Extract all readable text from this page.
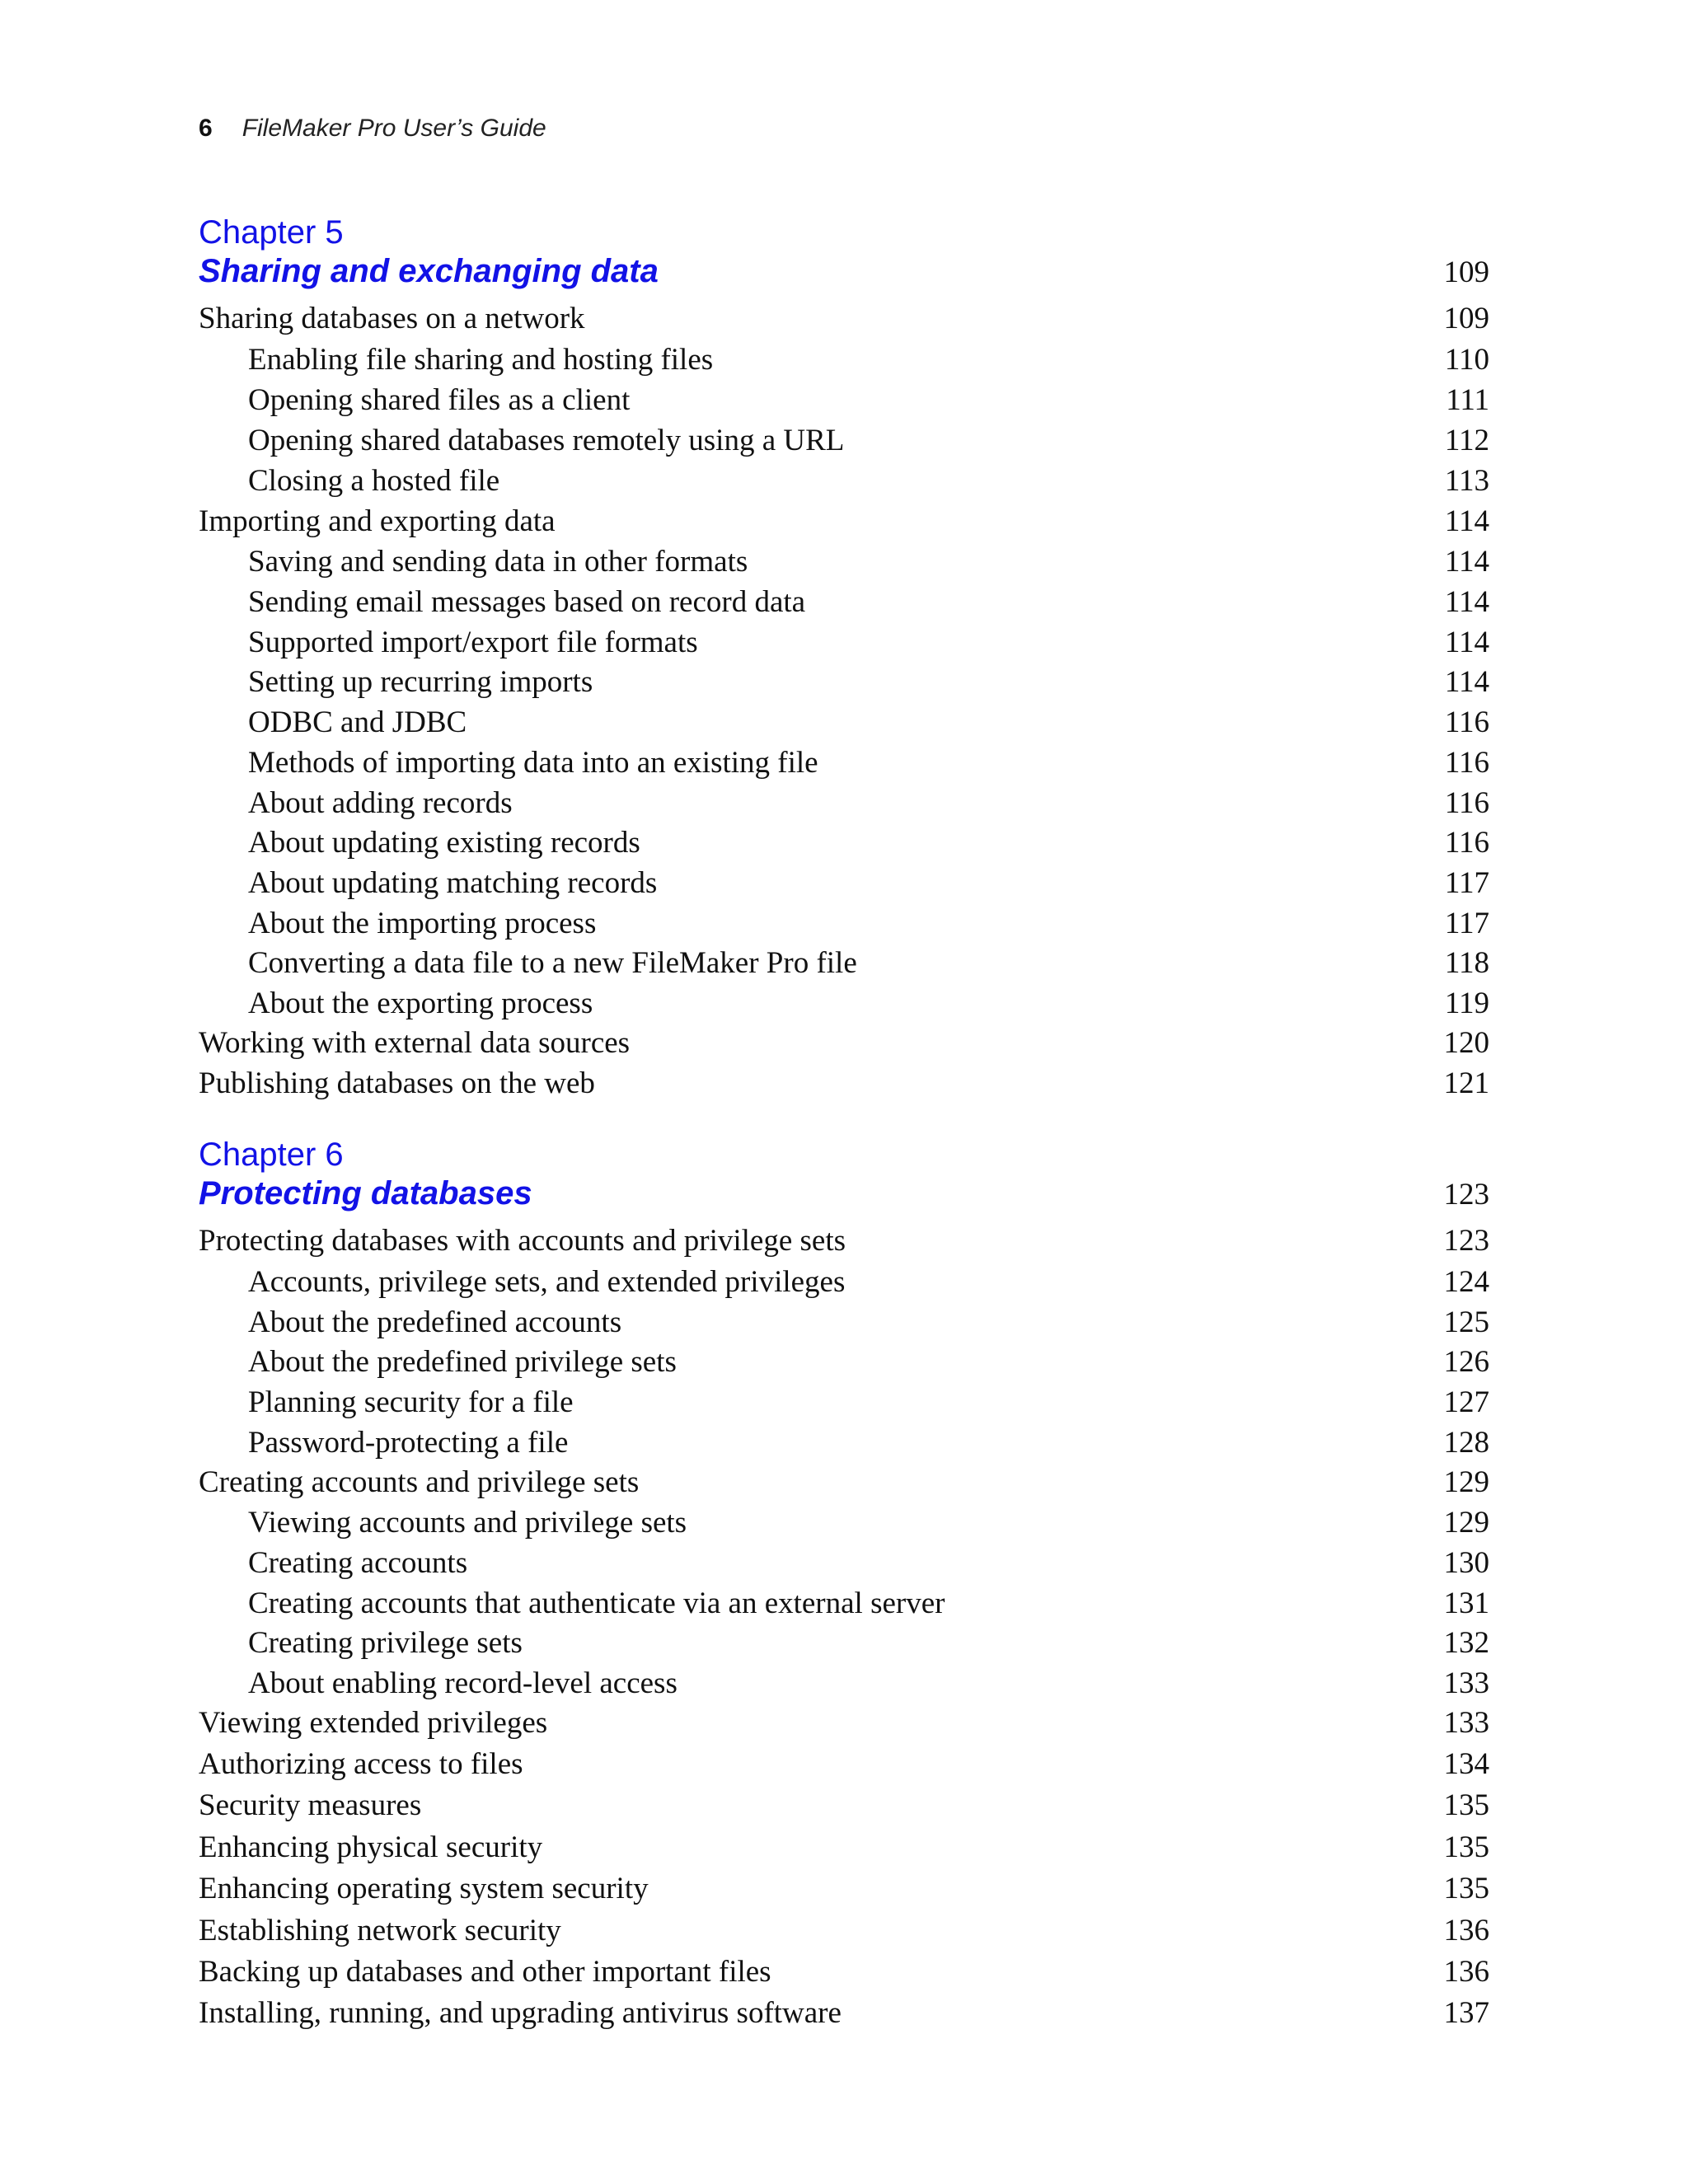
6 FileMaker Pro User’s Guide
Chapter 5
Sharing and exchanging data	109
Sharing databases on a network	109
Enabling file sharing and hosting files	110
Opening shared files as a client	111
Opening shared databases remotely using a URL	112
Closing a hosted file	113
Importing and exporting data	114
Saving and sending data in other formats	114
Sending email messages based on record data	114
Supported import/export file formats	114
Setting up recurring imports	114
ODBC and JDBC	116
Methods of importing data into an existing file	116
About adding records	116
About updating existing records	116
About updating matching records	117
About the importing process	117
Converting a data file to a new FileMaker Pro file	118
About the exporting process	119
Working with external data sources	120
Publishing databases on the web	121
Chapter 6
Protecting databases	123
Protecting databases with accounts and privilege sets	123
Accounts, privilege sets, and extended privileges	124
About the predefined accounts	125
About the predefined privilege sets	126
Planning security for a file	127
Password-protecting a file	128
Creating accounts and privilege sets	129
Viewing accounts and privilege sets	129
Creating accounts	130
Creating accounts that authenticate via an external server	131
Creating privilege sets	132
About enabling record-level access	133
Viewing extended privileges	133
Authorizing access to files	134
Security measures	135
Enhancing physical security	135
Enhancing operating system security	135
Establishing network security	136
Backing up databases and other important files	136
Installing, running, and upgrading antivirus software	137
